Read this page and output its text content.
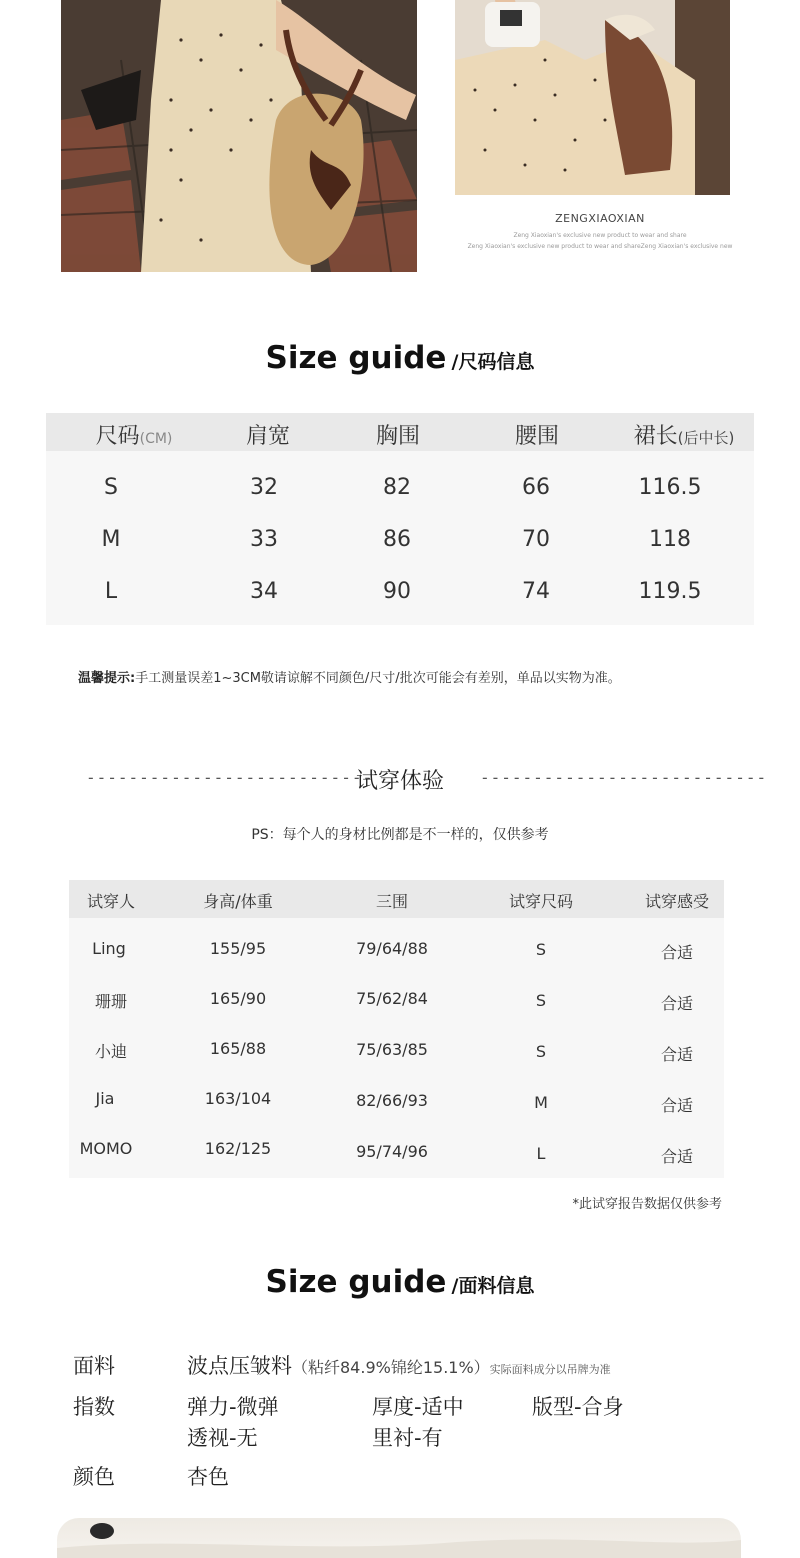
ZENGXIAOXIAN
Zeng Xiaoxian's exclusive new product to wear and share
Zeng Xiaoxian's exclusive new product to wear and shareZeng Xiaoxian's exclusive new
Size guide /尺码信息
尺码(CM)	肩宽	胸围	腰围	裙长(后中长)
S	32	82	66	116.5
M	33	86	70	118
L	34	90	74	119.5
温馨提示:手工测量误差1~3CM敬请谅解不同颜色/尺寸/批次可能会有差别，单品以实物为准。
---------------------------
试穿体验	---------------------------
PS：每个人的身材比例都是不一样的，仅供参考
试穿人	身高/体重	三围	试穿尺码	试穿感受
Ling	155/95	79/64/88	S	合适
珊珊	165/90	75/62/84	S	合适
小迪	165/88	75/63/85	S	合适
Jia	163/104	82/66/93	M	合适
MOMO	162/125	95/74/96	L	合适
*此试穿报告数据仅供参考
Size guide /面料信息
面料	波点压皱料（粘纤84.9%锦纶15.1%）实际面料成分以吊牌为准
指数	弹力-微弹	厚度-适中	版型-合身
透视-无	里衬-有
颜色	杏色
